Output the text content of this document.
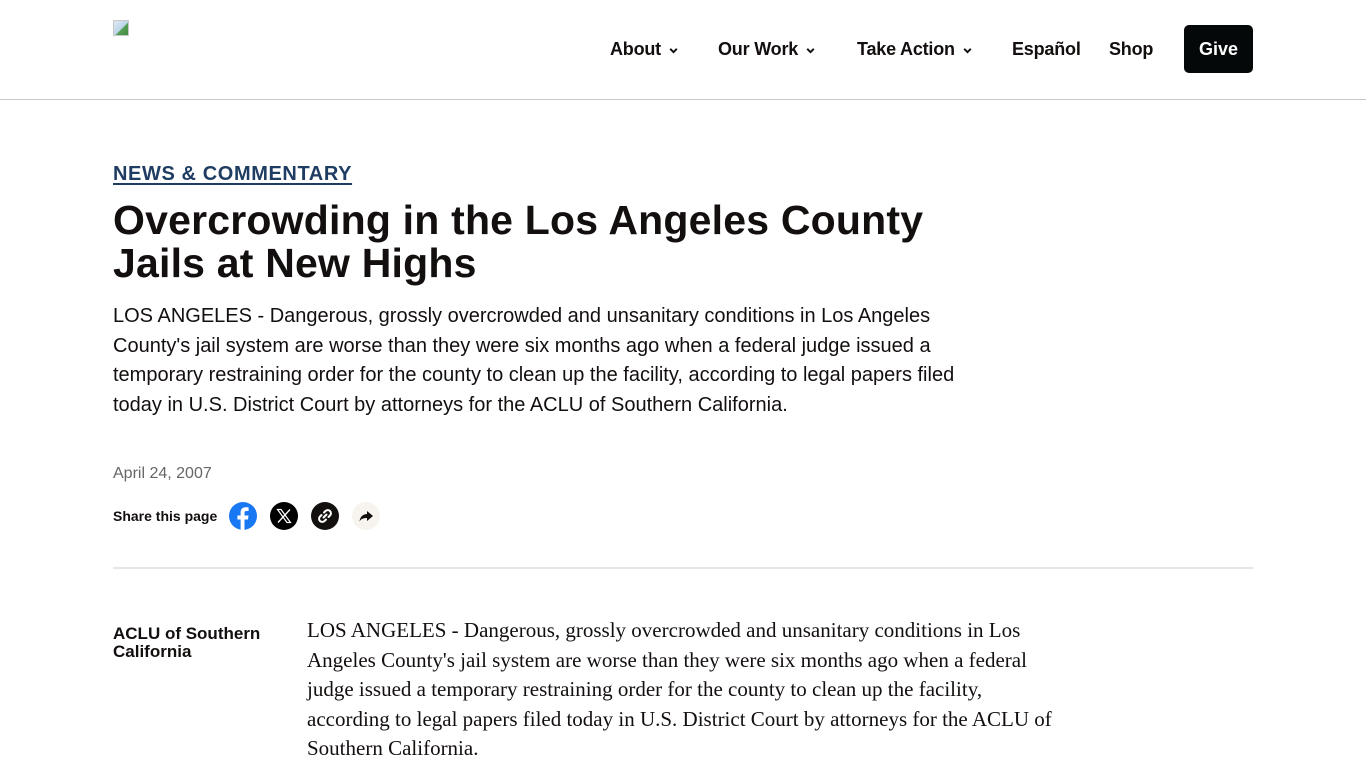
About	Our Work	Take Action	Español Shop	Give
NEWS & COMMENTARY
Overcrowding in the Los Angeles County Jails at New Highs

LOS ANGELES - Dangerous, grossly overcrowded and unsanitary conditions in Los Angeles County's jail system are worse than they were six months ago when a federal judge issued a temporary restraining order for the county to clean up the facility, according to legal papers filed today in U.S. District Court by attorneys for the ACLU of Southern California.

April 24, 2007
Share this page
ACLU of Southern California

LOS ANGELES - Dangerous, grossly overcrowded and unsanitary conditions in Los Angeles County's jail system are worse than they were six months ago when a federal judge issued a temporary restraining order for the county to clean up the facility, according to legal papers filed today in U.S. District Court by attorneys for the ACLU of Southern California.
